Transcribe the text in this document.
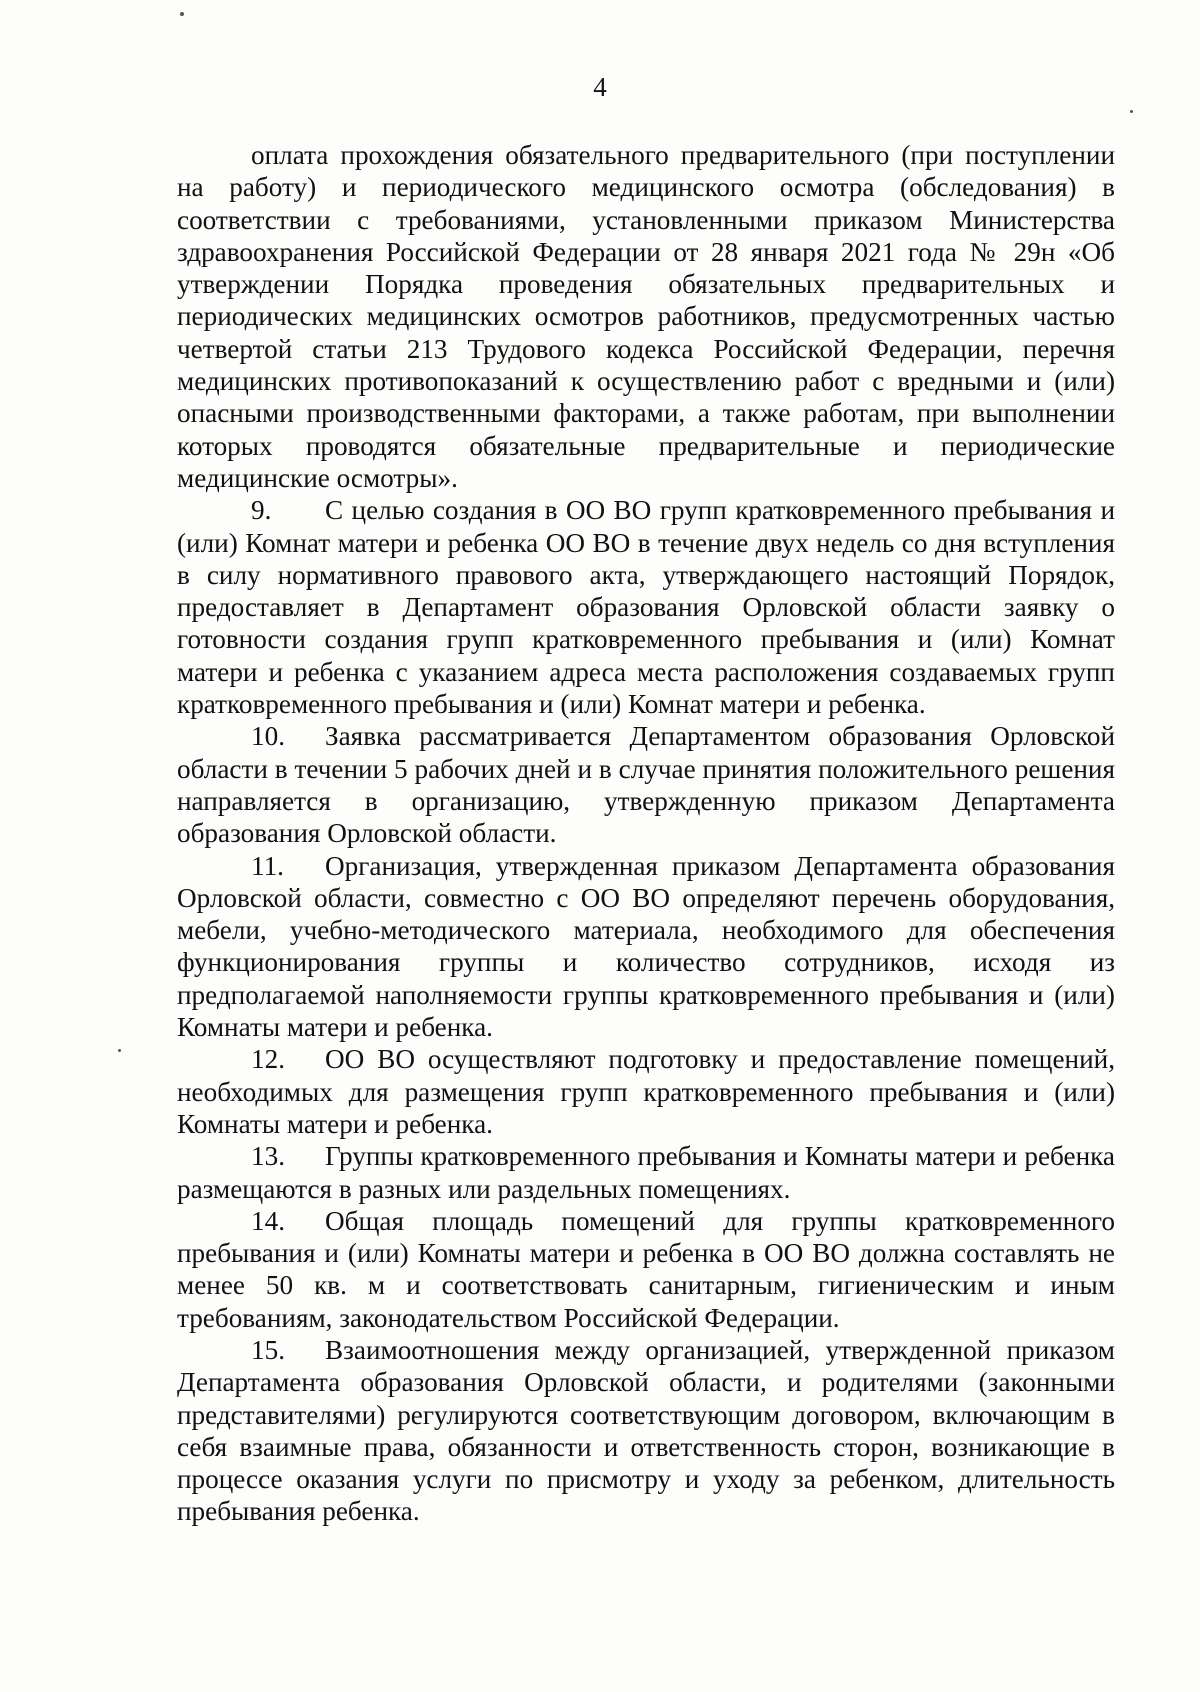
4

оплата прохождения обязательного предварительного (при поступлении на работу) и периодического медицинского осмотра (обследования) в соответствии с требованиями, установленными приказом Министерства здравоохранения Российской Федерации от 28 января 2021 года № 29н «Об утверждении Порядка проведения обязательных предварительных и периодических медицинских осмотров работников, предусмотренных частью четвертой статьи 213 Трудового кодекса Российской Федерации, перечня медицинских противопоказаний к осуществлению работ с вредными и (или) опасными производственными факторами, а также работам, при выполнении которых проводятся обязательные предварительные и периодические медицинские осмотры».

9. С целью создания в ОО ВО групп кратковременного пребывания и (или) Комнат матери и ребенка ОО ВО в течение двух недель со дня вступления в силу нормативного правового акта, утверждающего настоящий Порядок, предоставляет в Департамент образования Орловской области заявку о готовности создания групп кратковременного пребывания и (или) Комнат матери и ребенка с указанием адреса места расположения создаваемых групп кратковременного пребывания и (или) Комнат матери и ребенка.

10. Заявка рассматривается Департаментом образования Орловской области в течении 5 рабочих дней и в случае принятия положительного решения направляется в организацию, утвержденную приказом Департамента образования Орловской области.

11. Организация, утвержденная приказом Департамента образования Орловской области, совместно с ОО ВО определяют перечень оборудования, мебели, учебно-методического материала, необходимого для обеспечения функционирования группы и количество сотрудников, исходя из предполагаемой наполняемости группы кратковременного пребывания и (или) Комнаты матери и ребенка.

12. ОО ВО осуществляют подготовку и предоставление помещений, необходимых для размещения групп кратковременного пребывания и (или) Комнаты матери и ребенка.

13. Группы кратковременного пребывания и Комнаты матери и ребенка размещаются в разных или раздельных помещениях.

14. Общая площадь помещений для группы кратковременного пребывания и (или) Комнаты матери и ребенка в ОО ВО должна составлять не менее 50 кв. м и соответствовать санитарным, гигиеническим и иным требованиям, законодательством Российской Федерации.

15. Взаимоотношения между организацией, утвержденной приказом Департамента образования Орловской области, и родителями (законными представителями) регулируются соответствующим договором, включающим в себя взаимные права, обязанности и ответственность сторон, возникающие в процессе оказания услуги по присмотру и уходу за ребенком, длительность пребывания ребенка.
